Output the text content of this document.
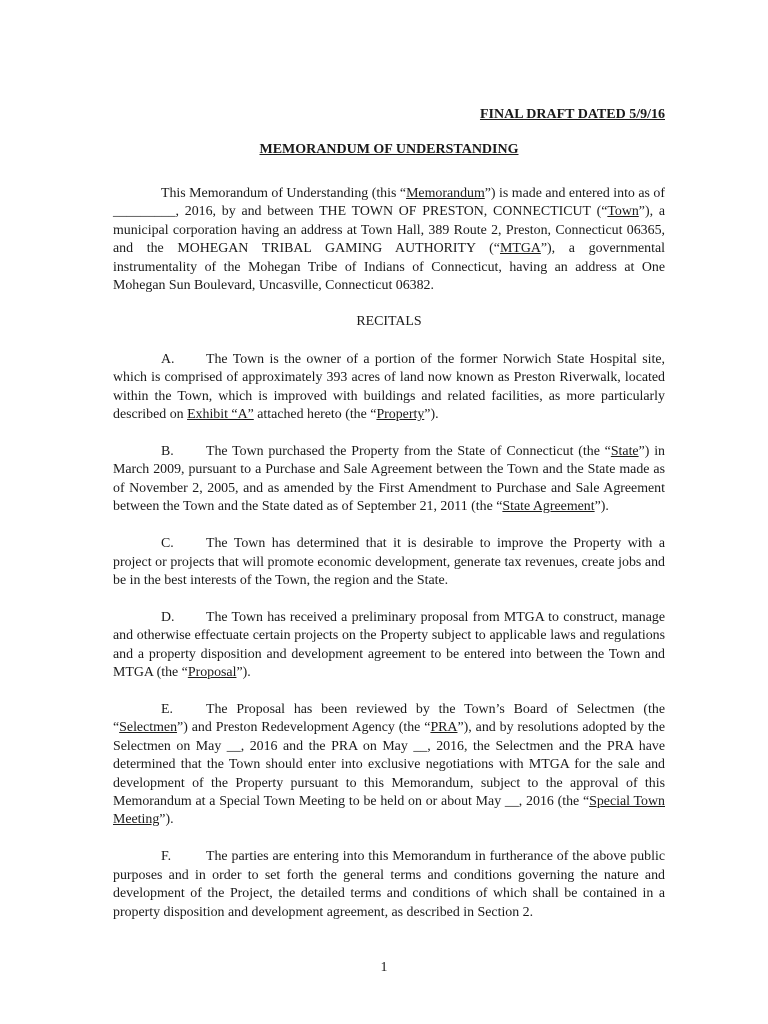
FINAL DRAFT DATED 5/9/16
MEMORANDUM OF UNDERSTANDING

This Memorandum of Understanding (this “Memorandum”) is made and entered into as of _________, 2016, by and between THE TOWN OF PRESTON, CONNECTICUT (“Town”), a municipal corporation having an address at Town Hall, 389 Route 2, Preston, Connecticut 06365, and the MOHEGAN TRIBAL GAMING AUTHORITY (“MTGA”), a governmental instrumentality of the Mohegan Tribe of Indians of Connecticut, having an address at One Mohegan Sun Boulevard, Uncasville, Connecticut 06382.

RECITALS

A. The Town is the owner of a portion of the former Norwich State Hospital site, which is comprised of approximately 393 acres of land now known as Preston Riverwalk, located within the Town, which is improved with buildings and related facilities, as more particularly described on Exhibit “A” attached hereto (the “Property”).

B. The Town purchased the Property from the State of Connecticut (the “State”) in March 2009, pursuant to a Purchase and Sale Agreement between the Town and the State made as of November 2, 2005, and as amended by the First Amendment to Purchase and Sale Agreement between the Town and the State dated as of September 21, 2011 (the “State Agreement”).

C. The Town has determined that it is desirable to improve the Property with a project or projects that will promote economic development, generate tax revenues, create jobs and be in the best interests of the Town, the region and the State.

D. The Town has received a preliminary proposal from MTGA to construct, manage and otherwise effectuate certain projects on the Property subject to applicable laws and regulations and a property disposition and development agreement to be entered into between the Town and MTGA (the “Proposal”).

E. The Proposal has been reviewed by the Town’s Board of Selectmen (the “Selectmen”) and Preston Redevelopment Agency (the “PRA”), and by resolutions adopted by the Selectmen on May __, 2016 and the PRA on May __, 2016, the Selectmen and the PRA have determined that the Town should enter into exclusive negotiations with MTGA for the sale and development of the Property pursuant to this Memorandum, subject to the approval of this Memorandum at a Special Town Meeting to be held on or about May __, 2016 (the “Special Town Meeting”).

F.	The parties are entering into this Memorandum in furtherance of the above public purposes and in order to set forth the general terms and conditions governing the nature and development of the Project, the detailed terms and conditions of which shall be contained in a property disposition and development agreement, as described in Section 2.

1
